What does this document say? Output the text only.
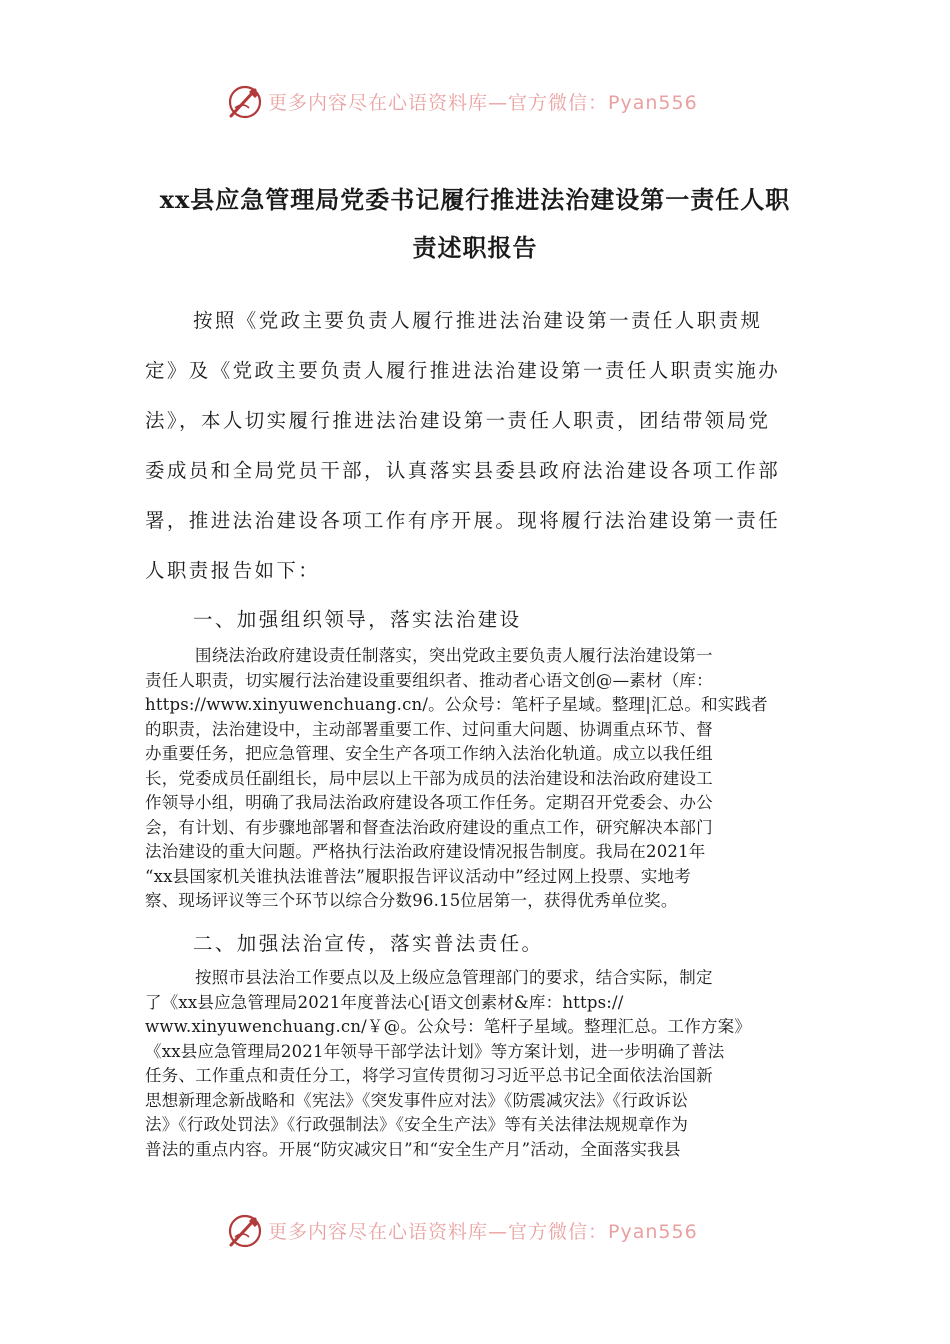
更多内容尽在心语资料库—官方微信：Pyan556
xx县应急管理局党委书记履行推进法治建设第一责任人职
责述职报告
按照《党政主要负责人履行推进法治建设第一责任人职责规
定》及《党政主要负责人履行推进法治建设第一责任人职责实施办
法》，本人切实履行推进法治建设第一责任人职责，团结带领局党
委成员和全局党员干部，认真落实县委县政府法治建设各项工作部
署，推进法治建设各项工作有序开展。现将履行法治建设第一责任
人职责报告如下：
一、加强组织领导，落实法治建设
围绕法治政府建设责任制落实，突出党政主要负责人履行法治建设第一
责任人职责，切实履行法治建设重要组织者、推动者心语文创@—素材（库：
https://www.xinyuwenchuang.cn/。公众号：笔杆子星域。整理|汇总。和实践者
的职责，法治建设中，主动部署重要工作、过问重大问题、协调重点环节、督
办重要任务，把应急管理、安全生产各项工作纳入法治化轨道。成立以我任组
长，党委成员任副组长，局中层以上干部为成员的法治建设和法治政府建设工
作领导小组，明确了我局法治政府建设各项工作任务。定期召开党委会、办公
会，有计划、有步骤地部署和督查法治政府建设的重点工作，研究解决本部门
法治建设的重大问题。严格执行法治政府建设情况报告制度。我局在2021年
“xx县国家机关谁执法谁普法”履职报告评议活动中”经过网上投票、实地考
察、现场评议等三个环节以综合分数96.15位居第一，获得优秀单位奖。
二、加强法治宣传，落实普法责任。
按照市县法治工作要点以及上级应急管理部门的要求，结合实际，制定
了《xx县应急管理局2021年度普法心[语文创素材&库：https://
www.xinyuwenchuang.cn/￥@。公众号：笔杆子星域。整理汇总。工作方案》
《xx县应急管理局2021年领导干部学法计划》等方案计划，进一步明确了普法
任务、工作重点和责任分工，将学习宣传贯彻习习近平总书记全面依法治国新
思想新理念新战略和《宪法》《突发事件应对法》《防震减灾法》《行政诉讼
法》《行政处罚法》《行政强制法》《安全生产法》等有关法律法规规章作为
普法的重点内容。开展“防灾减灾日”和“安全生产月”活动，全面落实我县
更多内容尽在心语资料库—官方微信：Pyan556
